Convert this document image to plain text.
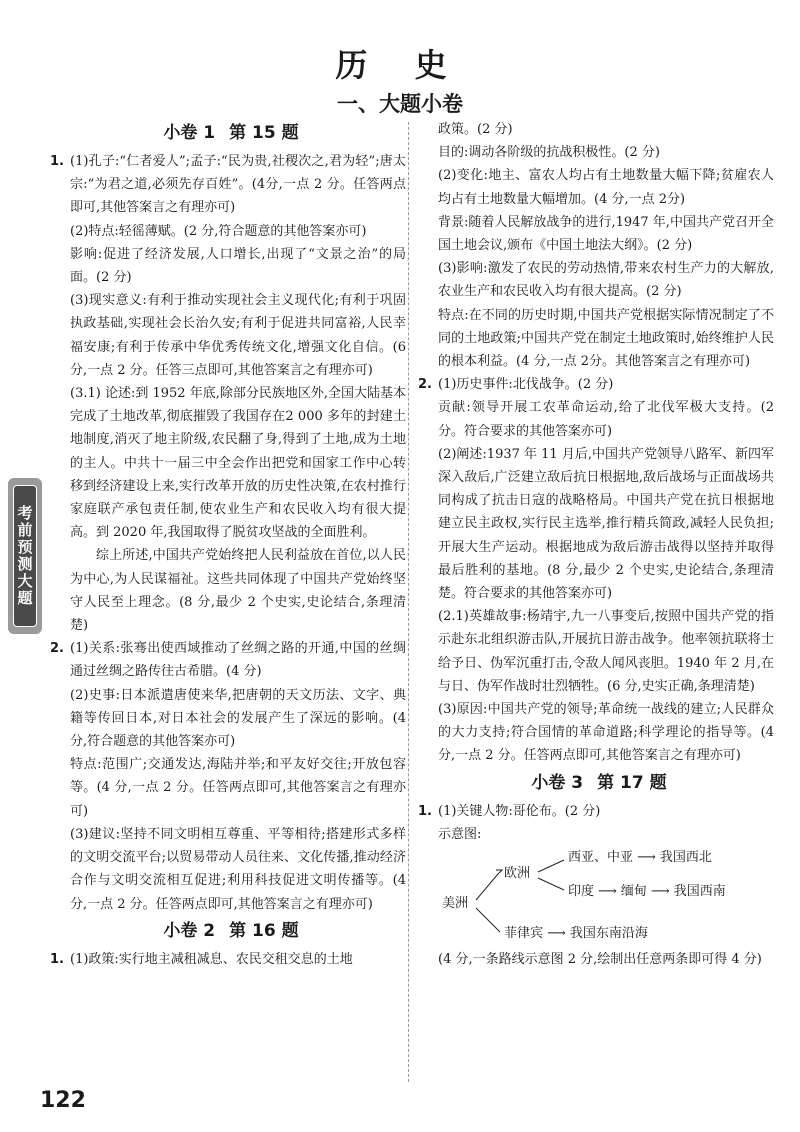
历 史
一、大题小卷
考前预测大题
小卷 1 第 15 题
1. (1)孔子:“仁者爱人”;孟子:“民为贵,社稷次之,君为轻”;唐太宗:“为君之道,必须先存百姓”。(4分,一点 2 分。任答两点即可,其他答案言之有理亦可)

(2)特点:轻徭薄赋。(2 分,符合题意的其他答案亦可)

影响:促进了经济发展,人口增长,出现了“文景之治”的局面。(2 分)

(3)现实意义:有利于推动实现社会主义现代化;有利于巩固执政基础,实现社会长治久安;有利于促进共同富裕,人民幸福安康;有利于传承中华优秀传统文化,增强文化自信。(6 分,一点 2 分。任答三点即可,其他答案言之有理亦可)

(3.1) 论述:到 1952 年底,除部分民族地区外,全国大陆基本完成了土地改革,彻底摧毁了我国存在2 000 多年的封建土地制度,消灭了地主阶级,农民翻了身,得到了土地,成为土地的主人。中共十一届三中全会作出把党和国家工作中心转移到经济建设上来,实行改革开放的历史性决策,在农村推行家庭联产承包责任制,使农业生产和农民收入均有很大提高。到 2020 年,我国取得了脱贫攻坚战的全面胜利。

综上所述,中国共产党始终把人民利益放在首位,以人民为中心,为人民谋福祉。这些共同体现了中国共产党始终坚守人民至上理念。(8 分,最少 2 个史实,史论结合,条理清楚)

2. (1)关系:张骞出使西域推动了丝绸之路的开通,中国的丝绸通过丝绸之路传往古希腊。(4 分)

(2)史事:日本派遣唐使来华,把唐朝的天文历法、文字、典籍等传回日本,对日本社会的发展产生了深远的影响。(4 分,符合题意的其他答案亦可)

特点:范围广;交通发达,海陆并举;和平友好交往;开放包容等。(4 分,一点 2 分。任答两点即可,其他答案言之有理亦可)

(3)建议:坚持不同文明相互尊重、平等相待;搭建形式多样的文明交流平台;以贸易带动人员往来、文化传播,推动经济合作与文明交流相互促进;利用科技促进文明传播等。(4 分,一点 2 分。任答两点即可,其他答案言之有理亦可)

小卷 2 第 16 题
1. (1)政策:实行地主减租减息、农民交租交息的土地

政策。(2 分)

目的:调动各阶级的抗战积极性。(2 分)

(2)变化:地主、富农人均占有土地数量大幅下降;贫雇农人均占有土地数量大幅增加。(4 分,一点 2分)

背景:随着人民解放战争的进行,1947 年,中国共产党召开全国土地会议,颁布《中国土地法大纲》。(2 分)

(3)影响:激发了农民的劳动热情,带来农村生产力的大解放,农业生产和农民收入均有很大提高。(2 分)

特点:在不同的历史时期,中国共产党根据实际情况制定了不同的土地政策;中国共产党在制定土地政策时,始终维护人民的根本利益。(4 分,一点 2分。其他答案言之有理亦可)

2. (1)历史事件:北伐战争。(2 分)

贡献:领导开展工农革命运动,给了北伐军极大支持。(2 分。符合要求的其他答案亦可)

(2)阐述:1937 年 11 月后,中国共产党领导八路军、新四军深入敌后,广泛建立敌后抗日根据地,敌后战场与正面战场共同构成了抗击日寇的战略格局。中国共产党在抗日根据地建立民主政权,实行民主选举,推行精兵简政,减轻人民负担;开展大生产运动。根据地成为敌后游击战得以坚持并取得最后胜利的基地。(8 分,最少 2 个史实,史论结合,条理清楚。符合要求的其他答案亦可)

(2.1)英雄故事:杨靖宇,九一八事变后,按照中国共产党的指示赴东北组织游击队,开展抗日游击战争。他率领抗联将士给予日、伪军沉重打击,令敌人闻风丧胆。1940 年 2 月,在与日、伪军作战时壮烈牺牲。(6 分,史实正确,条理清楚)

(3)原因:中国共产党的领导;革命统一战线的建立;人民群众的大力支持;符合国情的革命道路;科学理论的指导等。(4 分,一点 2 分。任答两点即可,其他答案言之有理亦可)

小卷 3 第 17 题
1. (1)关键人物:哥伦布。(2 分)

示意图:

美洲
欧洲
西亚、中亚 ⟶ 我国西北
印度 ⟶ 缅甸 ⟶ 我国西南
菲律宾 ⟶ 我国东南沿海

(4 分,一条路线示意图 2 分,绘制出任意两条即可得 4 分)

122
